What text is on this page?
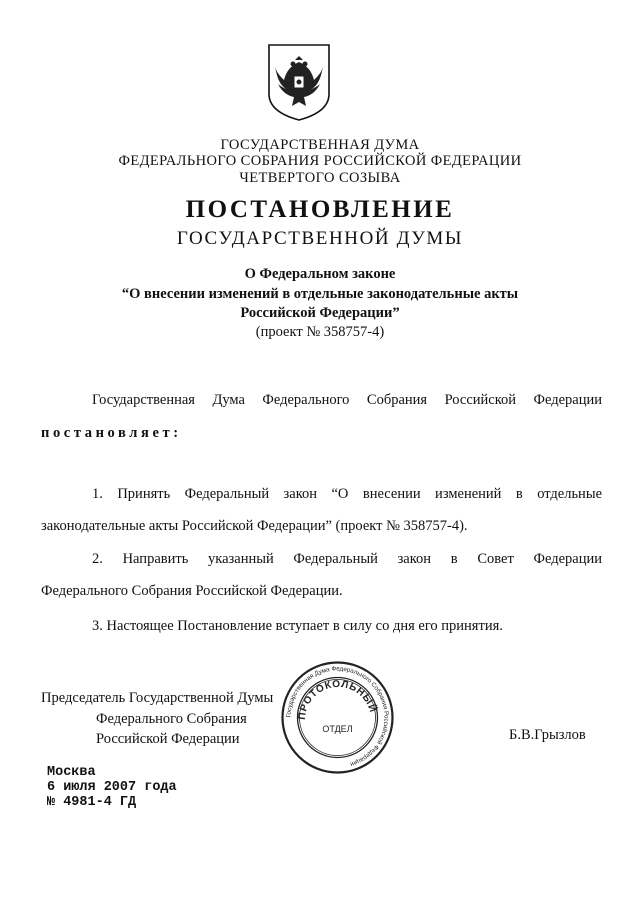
ГОСУДАРСТВЕННАЯ ДУМА
ФЕДЕРАЛЬНОГО СОБРАНИЯ РОССИЙСКОЙ ФЕДЕРАЦИИ
ЧЕТВЕРТОГО СОЗЫВА
ПОСТАНОВЛЕНИЕ
ГОСУДАРСТВЕННОЙ ДУМЫ
О Федеральном законе
“О внесении изменений в отдельные законодательные акты
Российской Федерации”
(проект № 358757-4)
Государственная Дума Федерального Собрания Российской Федерации
постановляет:
1. Принять Федеральный закон “О внесении изменений в отдельные
законодательные акты Российской Федерации” (проект № 358757-4).
2. Направить указанный Федеральный закон в Совет Федерации
Федерального Собрания Российской Федерации.
3. Настоящее Постановление вступает в силу со дня его принятия.
Председатель Государственной Думы
Федерального Собрания
Российской Федерации	Б.В.Грызлов
Государственная Дума Федерального Собрания Российской Федерации
ПРОТОКОЛЬНЫЙ
ОТДЕЛ
Москва
6 июля 2007 года
№ 4981-4 ГД
